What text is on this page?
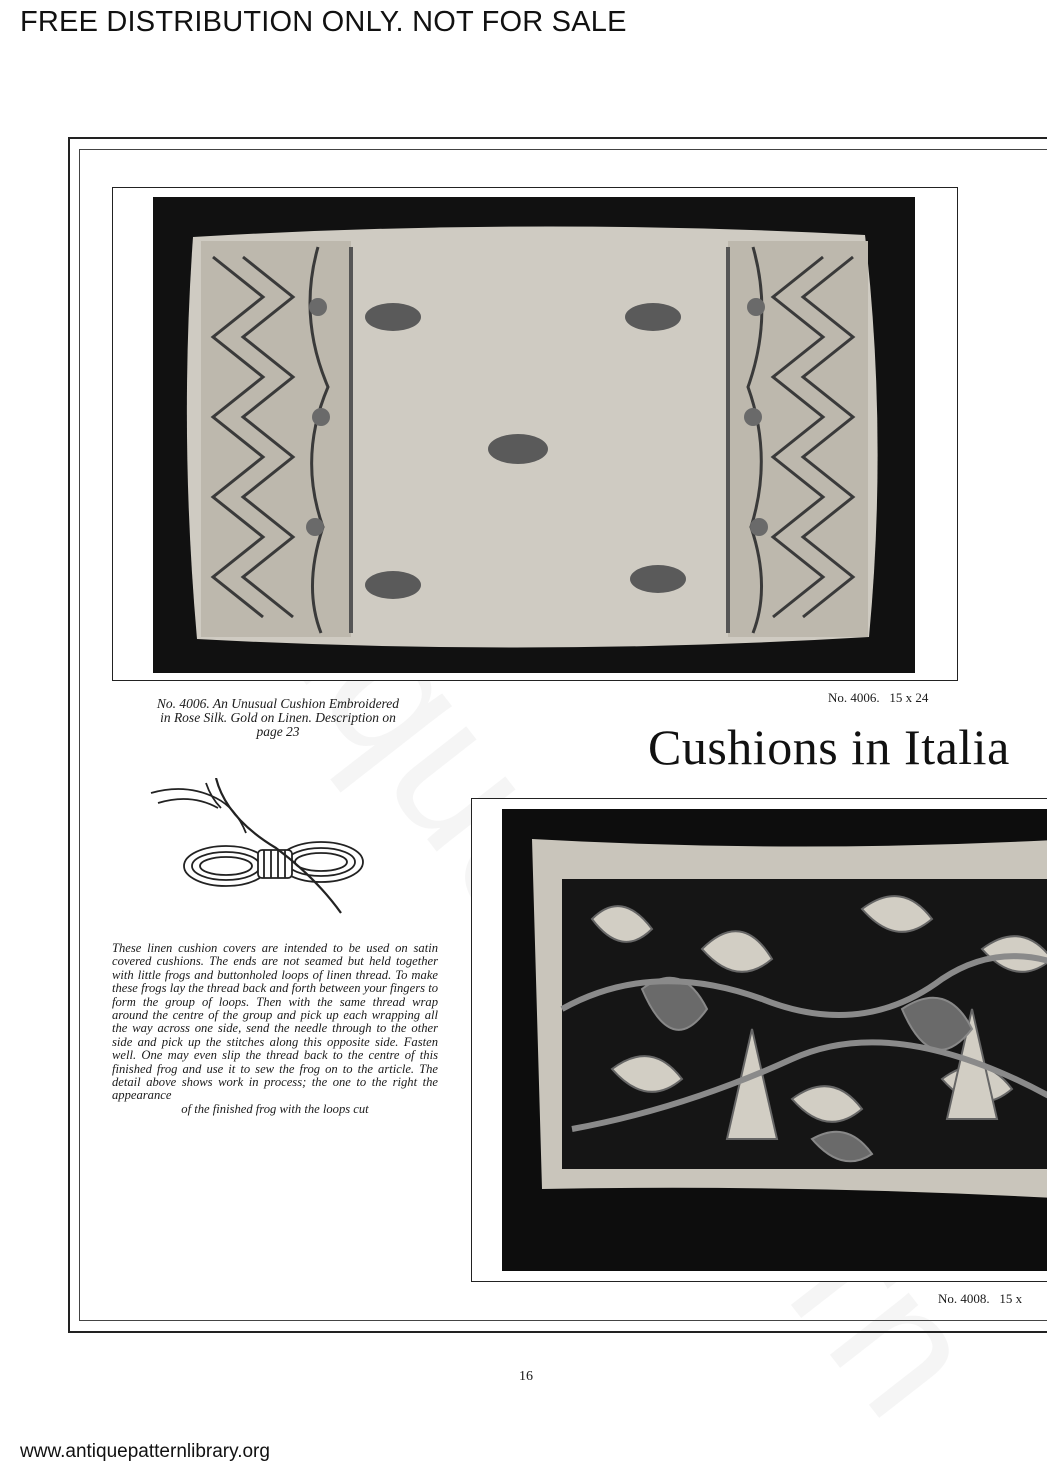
FREE DISTRIBUTION ONLY. NOT FOR SALE
No. 4006. An Unusual Cushion Embroidered
in Rose Silk. Gold on Linen. Description on
page 23
No. 4006. 15 x 24
Cushions in Italia
These linen cushion covers are intended to be used on satin covered cushions. The ends are not seamed but held together with little frogs and buttonholed loops of linen thread. To make these frogs lay the thread back and forth between your fingers to form the group of loops. Then with the same thread wrap around the centre of the group and pick up each wrapping all the way across one side, send the needle through to the other side and pick up the stitches along this opposite side. Fasten well. One may even slip the thread back to the centre of this finished frog and use it to sew the frog on to the article. The detail above shows work in process; the one to the right the appearance
of the finished frog with the loops cut
No. 4008. 15 x
16
www.antiquepatternlibrary.org
